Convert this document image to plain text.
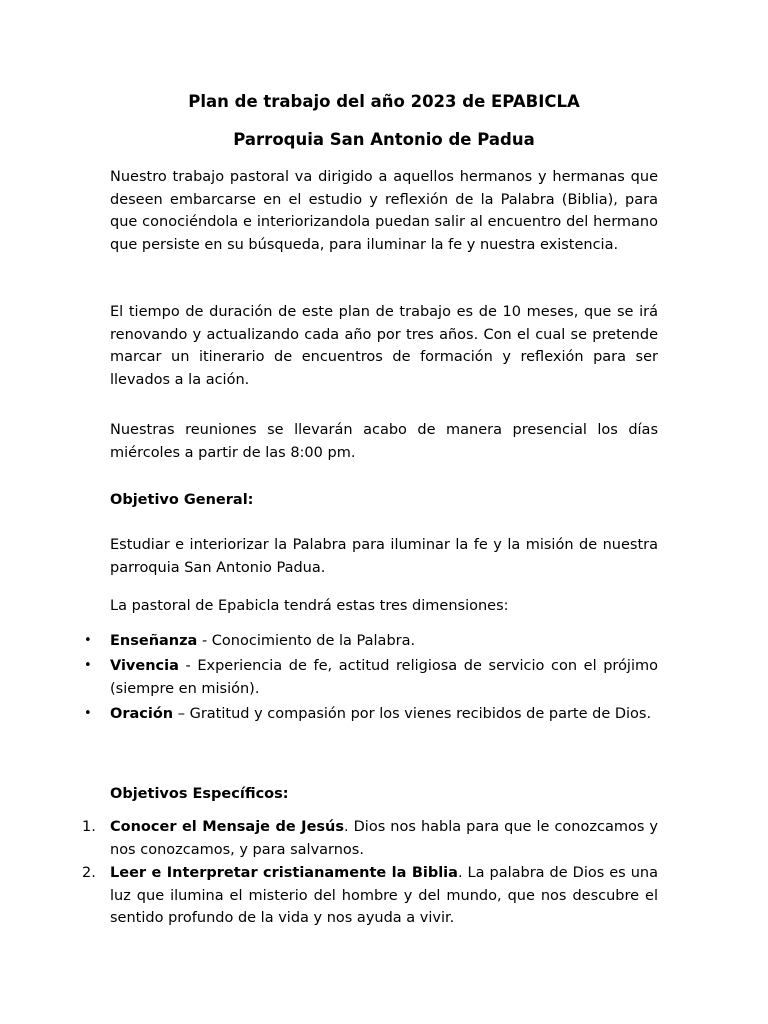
Plan de trabajo del año 2023 de EPABICLA
Parroquia San Antonio de Padua

Nuestro trabajo pastoral va dirigido a aquellos hermanos y hermanas que deseen embarcarse en el estudio y reflexión de la Palabra (Biblia), para que conociéndola e interiorizandola puedan salir al encuentro del hermano que persiste en su búsqueda, para iluminar la fe y nuestra existencia.

El tiempo de duración de este plan de trabajo es de 10 meses, que se irá renovando y actualizando cada año por tres años. Con el cual se pretende marcar un itinerario de encuentros de formación y reflexión para ser llevados a la ación.

Nuestras reuniones se llevarán acabo de manera presencial los días miércoles a partir de las 8:00 pm.

Objetivo General:

Estudiar e interiorizar la Palabra para iluminar la fe y la misión de nuestra parroquia San Antonio Padua.

La pastoral de Epabicla tendrá estas tres dimensiones:

•	Enseñanza - Conocimiento de la Palabra.
•	Vivencia - Experiencia de fe, actitud religiosa de servicio con el prójimo (siempre en misión).
•	Oración – Gratitud y compasión por los vienes recibidos de parte de Dios.
Objetivos Específicos:
1. Conocer el Mensaje de Jesús. Dios nos habla para que le conozcamos y nos conozcamos, y para salvarnos.
2. Leer e Interpretar cristianamente la Biblia. La palabra de Dios es una luz que ilumina el misterio del hombre y del mundo, que nos descubre el sentido profundo de la vida y nos ayuda a vivir.
